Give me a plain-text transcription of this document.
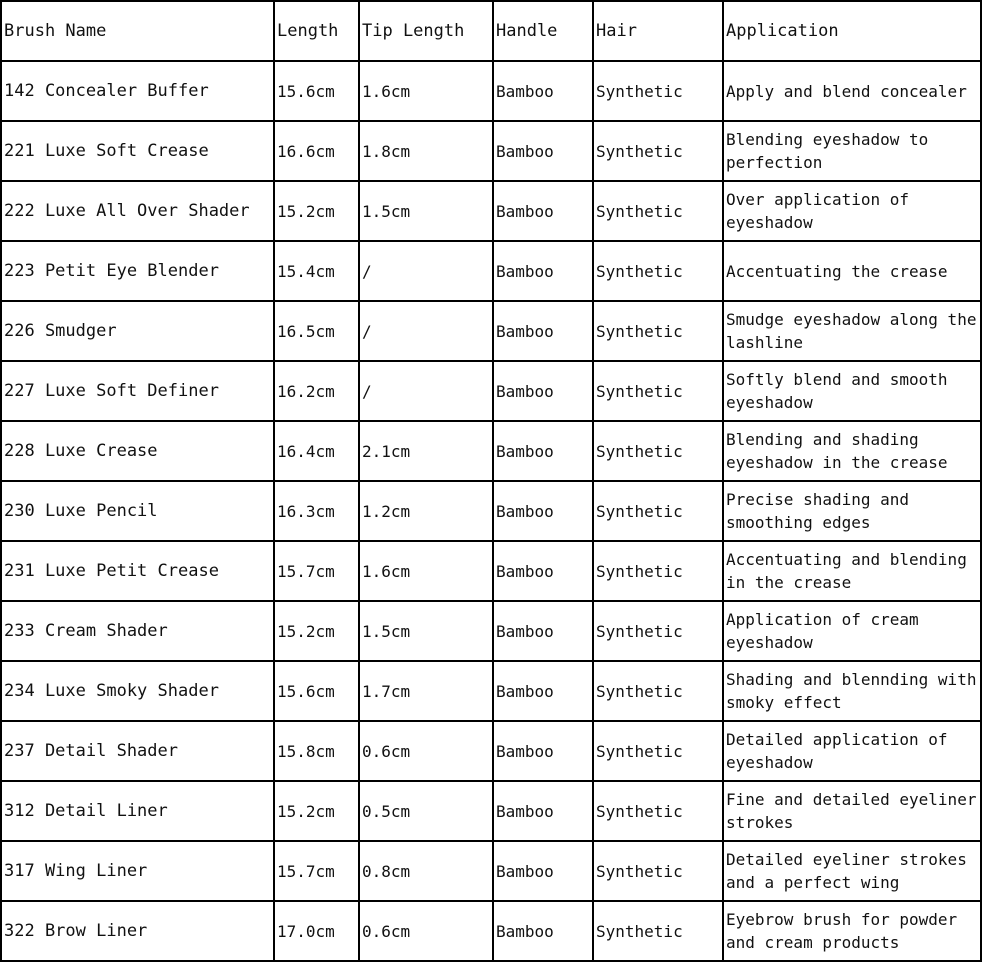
Brush Name	Length	Tip Length	Handle	Hair	Application
142 Concealer Buffer	15.6cm	1.6cm	Bamboo	Synthetic	Apply and blend concealer
221 Luxe Soft Crease	16.6cm	1.8cm	Bamboo	Synthetic	Blending eyeshadow to perfection
222 Luxe All Over Shader	15.2cm	1.5cm	Bamboo	Synthetic	Over application of eyeshadow
223 Petit Eye Blender	15.4cm	/	Bamboo	Synthetic	Accentuating the crease
226 Smudger	16.5cm	/	Bamboo	Synthetic	Smudge eyeshadow along the lashline
227 Luxe Soft Definer	16.2cm	/	Bamboo	Synthetic	Softly blend and smooth eyeshadow
228 Luxe Crease	16.4cm	2.1cm	Bamboo	Synthetic	Blending and shading eyeshadow in the crease
230 Luxe Pencil	16.3cm	1.2cm	Bamboo	Synthetic	Precise shading and smoothing edges
231 Luxe Petit Crease	15.7cm	1.6cm	Bamboo	Synthetic	Accentuating and blending in the crease
233 Cream Shader	15.2cm	1.5cm	Bamboo	Synthetic	Application of cream eyeshadow
234 Luxe Smoky Shader	15.6cm	1.7cm	Bamboo	Synthetic	Shading and blennding with smoky effect
237 Detail Shader	15.8cm	0.6cm	Bamboo	Synthetic	Detailed application of eyeshadow
312 Detail Liner	15.2cm	0.5cm	Bamboo	Synthetic	Fine and detailed eyeliner strokes
317 Wing Liner	15.7cm	0.8cm	Bamboo	Synthetic	Detailed eyeliner strokes and a perfect wing
322 Brow Liner	17.0cm	0.6cm	Bamboo	Synthetic	Eyebrow brush for powder and cream products
